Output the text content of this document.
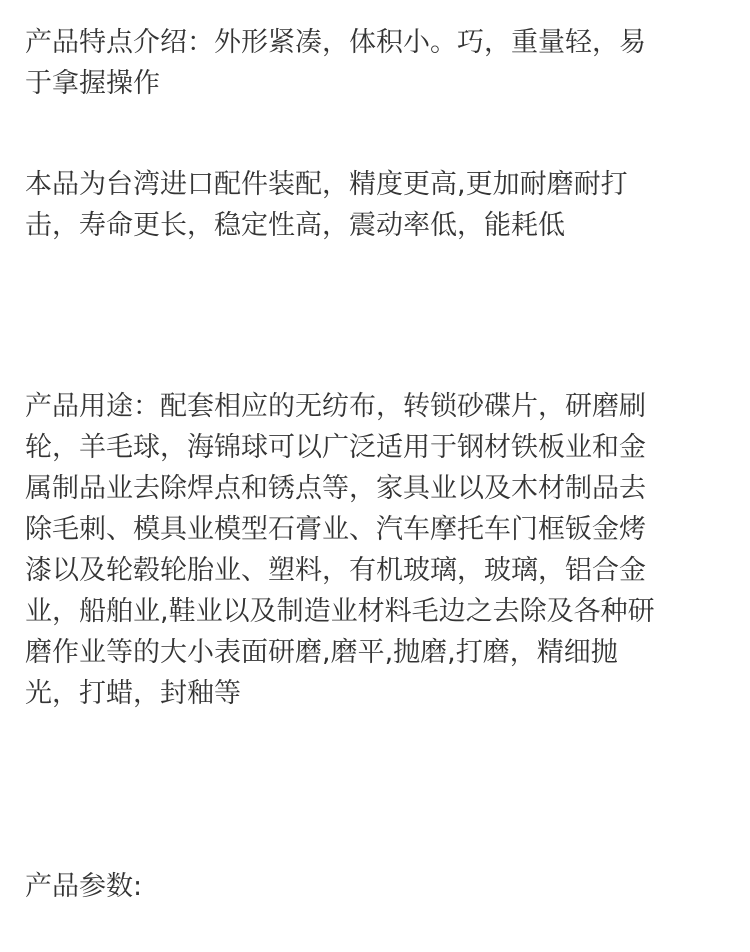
产品特点介绍：外形紧凑，体积小。巧，重量轻，易
于拿握操作

本品为台湾进口配件装配，精度更高,更加耐磨耐打
击，寿命更长，稳定性高，震动率低，能耗低

产品用途：配套相应的无纺布，转锁砂碟片，研磨刷
轮，羊毛球，海锦球可以广泛适用于钢材铁板业和金
属制品业去除焊点和锈点等，家具业以及木材制品去
除毛刺、模具业模型石膏业、汽车摩托车门框钣金烤
漆以及轮毂轮胎业、塑料，有机玻璃，玻璃，铝合金
业，船舶业,鞋业以及制造业材料毛边之去除及各种研
磨作业等的大小表面研磨,磨平,抛磨,打磨，精细抛
光，打蜡，封釉等

产品参数:
